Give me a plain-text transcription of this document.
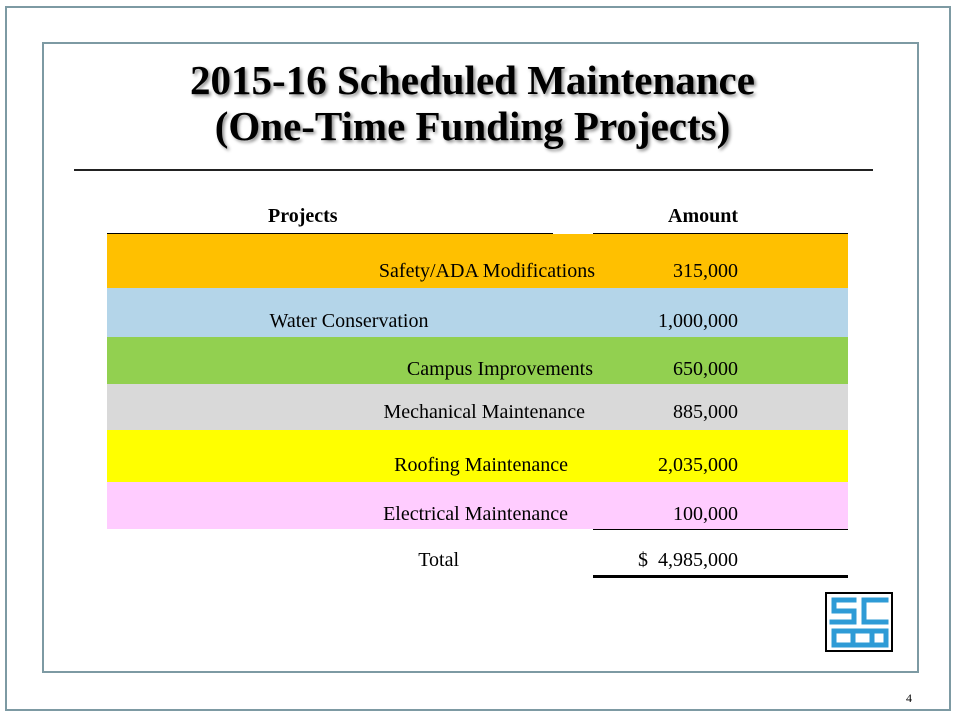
2015-16 Scheduled Maintenance
(One-Time Funding Projects)
Projects	Amount
Safety/ADA Modifications	315,000
Water Conservation	1,000,000
Campus Improvements	650,000
Mechanical Maintenance	885,000
Roofing Maintenance	2,035,000
Electrical Maintenance	100,000
Total	$  4,985,000
4
